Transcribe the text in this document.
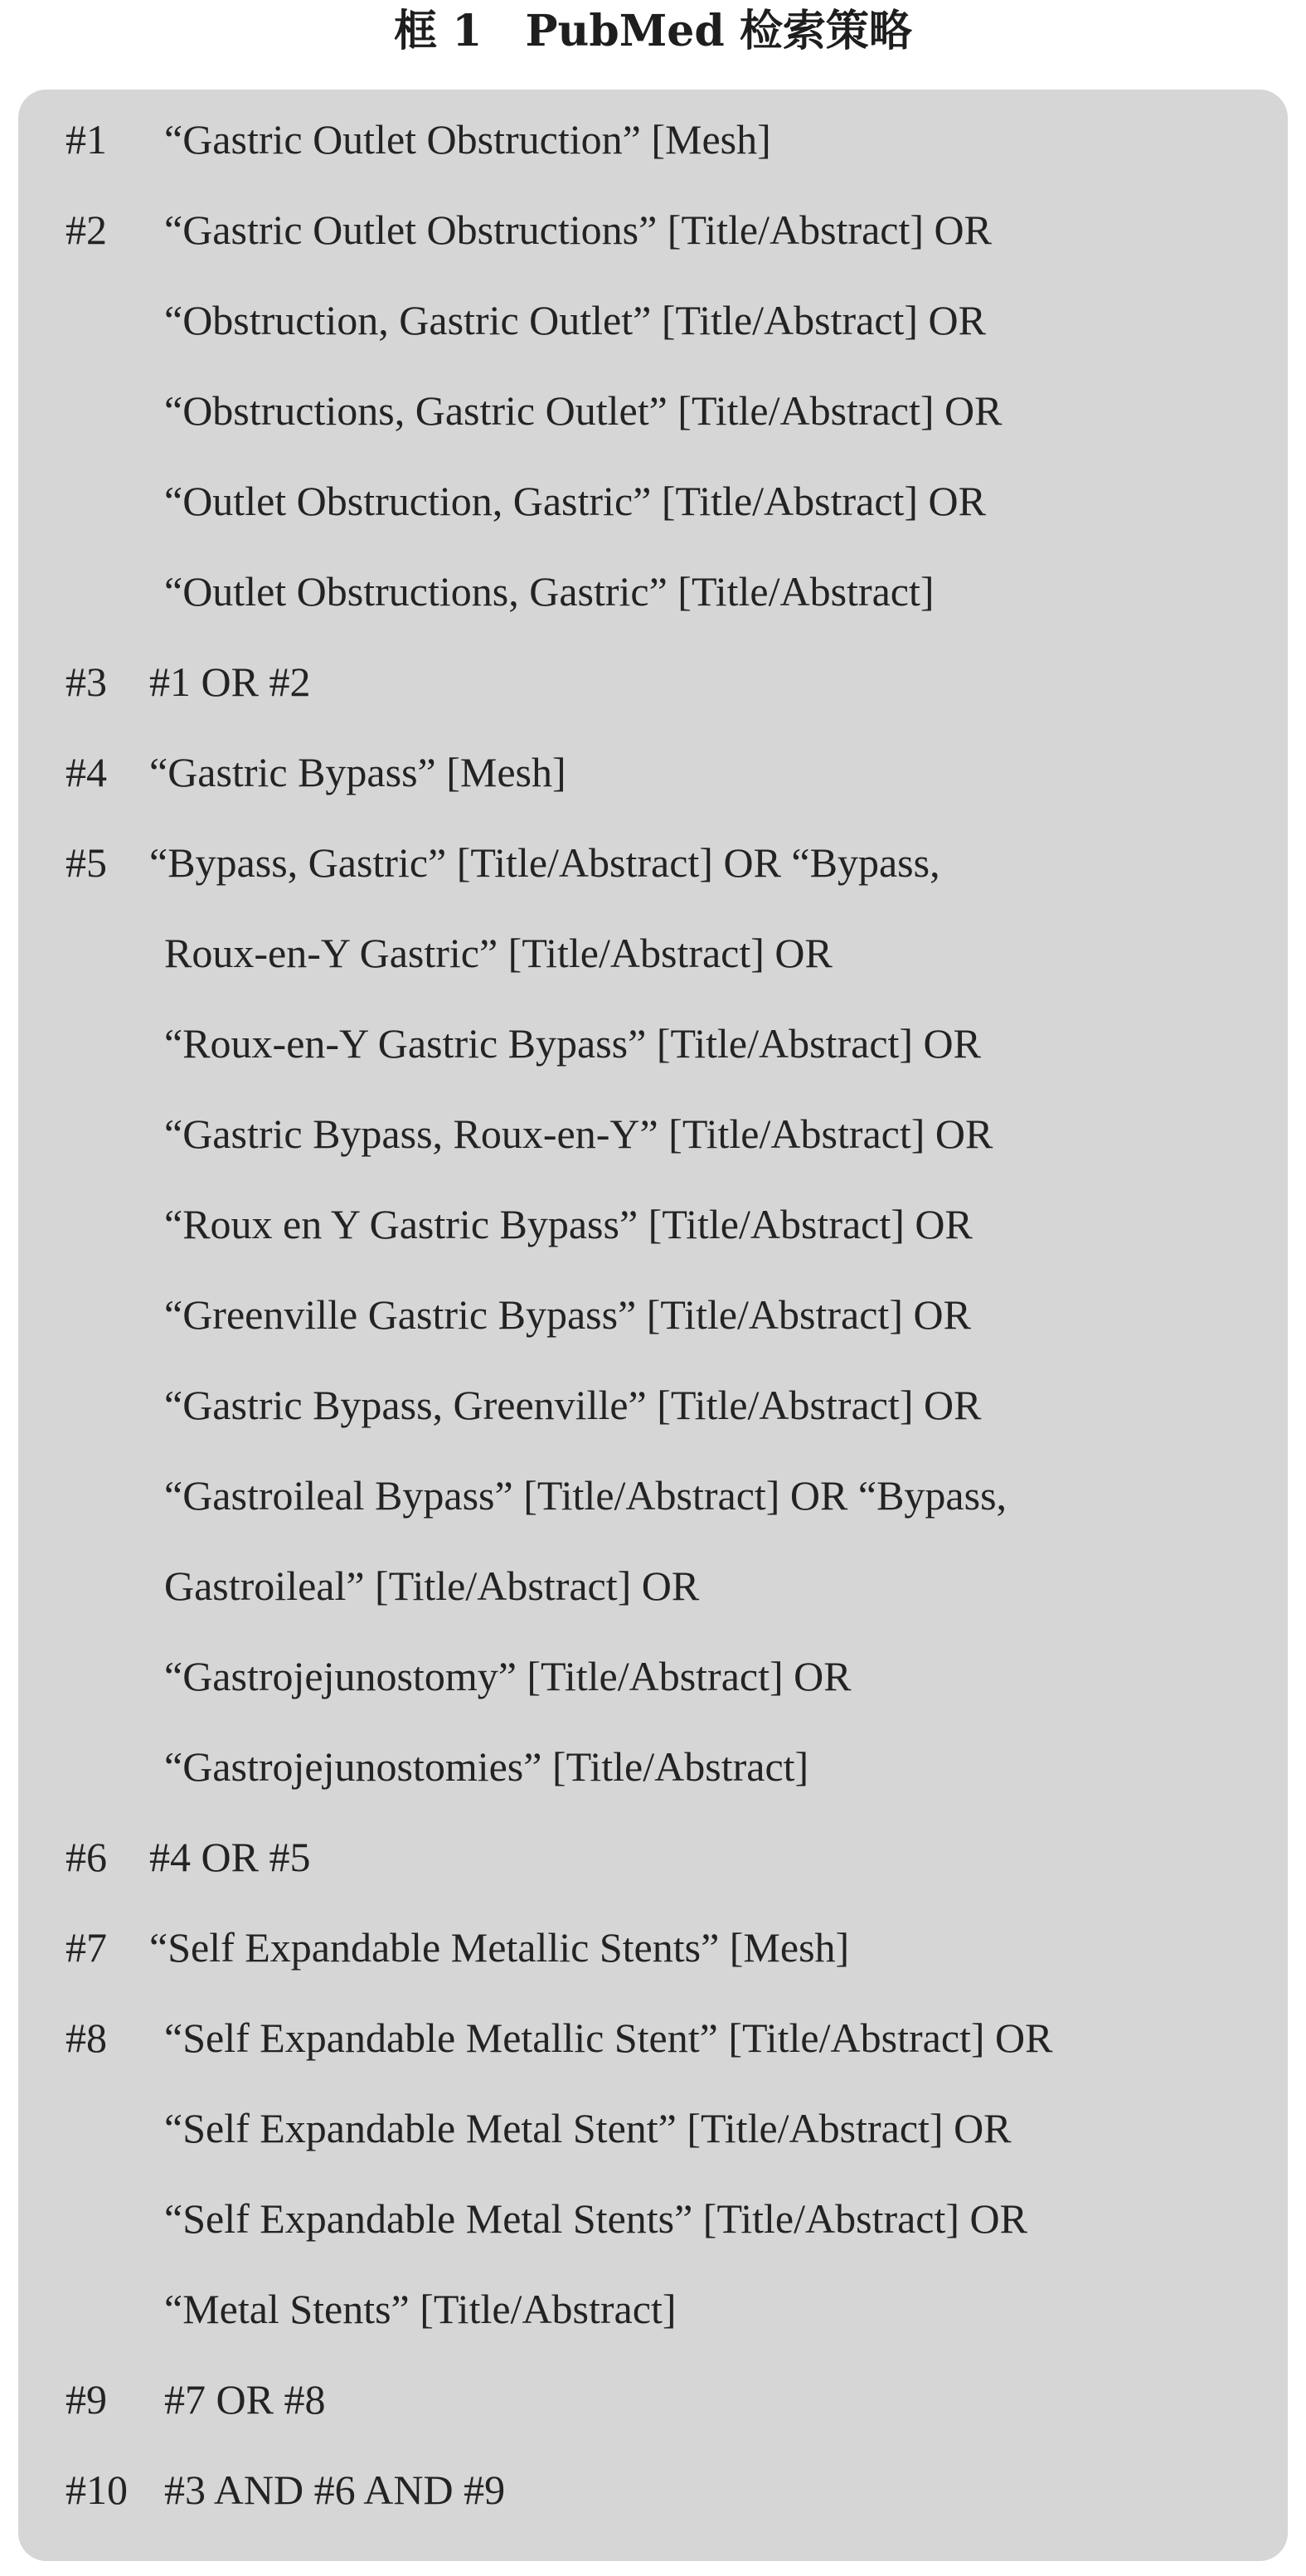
框 1 PubMed 检索策略
#1 “Gastric Outlet Obstruction” [Mesh]
#2 “Gastric Outlet Obstructions” [Title/Abstract] OR
“Obstruction, Gastric Outlet” [Title/Abstract] OR
“Obstructions, Gastric Outlet” [Title/Abstract] OR
“Outlet Obstruction, Gastric” [Title/Abstract] OR
“Outlet Obstructions, Gastric” [Title/Abstract]
#3 #1 OR #2
#4 “Gastric Bypass” [Mesh]
#5 “Bypass, Gastric” [Title/Abstract] OR “Bypass,
Roux-en-Y Gastric” [Title/Abstract] OR
“Roux-en-Y Gastric Bypass” [Title/Abstract] OR
“Gastric Bypass, Roux-en-Y” [Title/Abstract] OR
“Roux en Y Gastric Bypass” [Title/Abstract] OR
“Greenville Gastric Bypass” [Title/Abstract] OR
“Gastric Bypass, Greenville” [Title/Abstract] OR
“Gastroileal Bypass” [Title/Abstract] OR “Bypass,
Gastroileal” [Title/Abstract] OR
“Gastrojejunostomy” [Title/Abstract] OR
“Gastrojejunostomies” [Title/Abstract]
#6 #4 OR #5
#7 “Self Expandable Metallic Stents” [Mesh]
#8 “Self Expandable Metallic Stent” [Title/Abstract] OR
“Self Expandable Metal Stent” [Title/Abstract] OR
“Self Expandable Metal Stents” [Title/Abstract] OR
“Metal Stents” [Title/Abstract]
#9 #7 OR #8
#10 #3 AND #6 AND #9
